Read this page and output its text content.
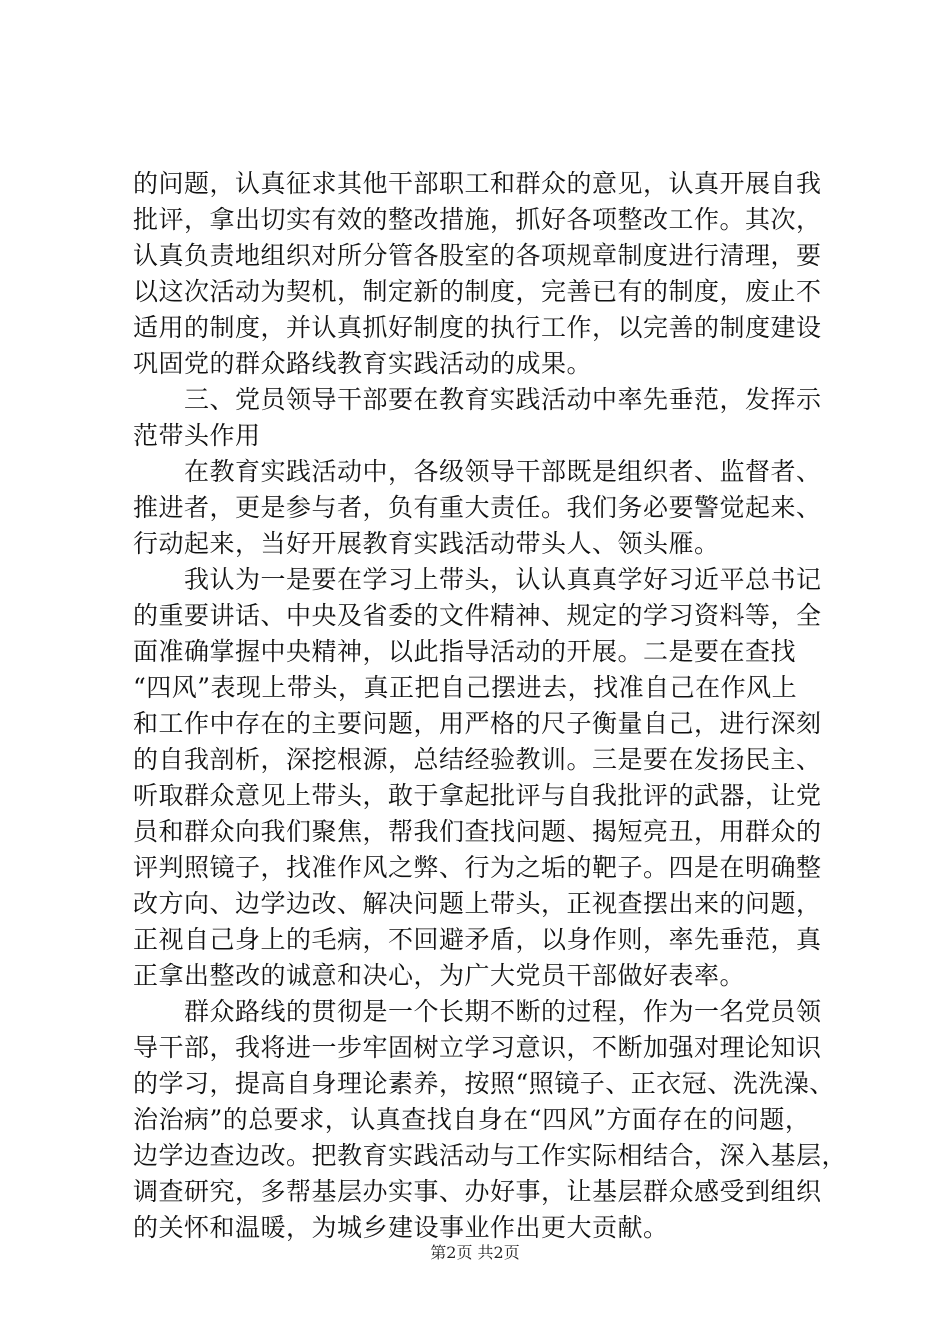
的问题，认真征求其他干部职工和群众的意见，认真开展自我
批评，拿出切实有效的整改措施，抓好各项整改工作。其次，
认真负责地组织对所分管各股室的各项规章制度进行清理，要
以这次活动为契机，制定新的制度，完善已有的制度，废止不
适用的制度，并认真抓好制度的执行工作，以完善的制度建设
巩固党的群众路线教育实践活动的成果。
　　三、党员领导干部要在教育实践活动中率先垂范，发挥示
范带头作用
　　在教育实践活动中，各级领导干部既是组织者、监督者、
推进者，更是参与者，负有重大责任。我们务必要警觉起来、
行动起来，当好开展教育实践活动带头人、领头雁。
　　我认为一是要在学习上带头，认认真真学好习近平总书记
的重要讲话、中央及省委的文件精神、规定的学习资料等，全
面准确掌握中央精神，以此指导活动的开展。二是要在查找
“四风”表现上带头，真正把自己摆进去，找准自己在作风上
和工作中存在的主要问题，用严格的尺子衡量自己，进行深刻
的自我剖析，深挖根源，总结经验教训。三是要在发扬民主、
听取群众意见上带头，敢于拿起批评与自我批评的武器，让党
员和群众向我们聚焦，帮我们查找问题、揭短亮丑，用群众的
评判照镜子，找准作风之弊、行为之垢的靶子。四是在明确整
改方向、边学边改、解决问题上带头，正视查摆出来的问题，
正视自己身上的毛病，不回避矛盾，以身作则，率先垂范，真
正拿出整改的诚意和决心，为广大党员干部做好表率。
　　群众路线的贯彻是一个长期不断的过程，作为一名党员领
导干部，我将进一步牢固树立学习意识，不断加强对理论知识
的学习，提高自身理论素养，按照“照镜子、正衣冠、洗洗澡、
治治病”的总要求，认真查找自身在“四风”方面存在的问题，
边学边查边改。把教育实践活动与工作实际相结合，深入基层，
调查研究，多帮基层办实事、办好事，让基层群众感受到组织
的关怀和温暖，为城乡建设事业作出更大贡献。
第2页 共2页
